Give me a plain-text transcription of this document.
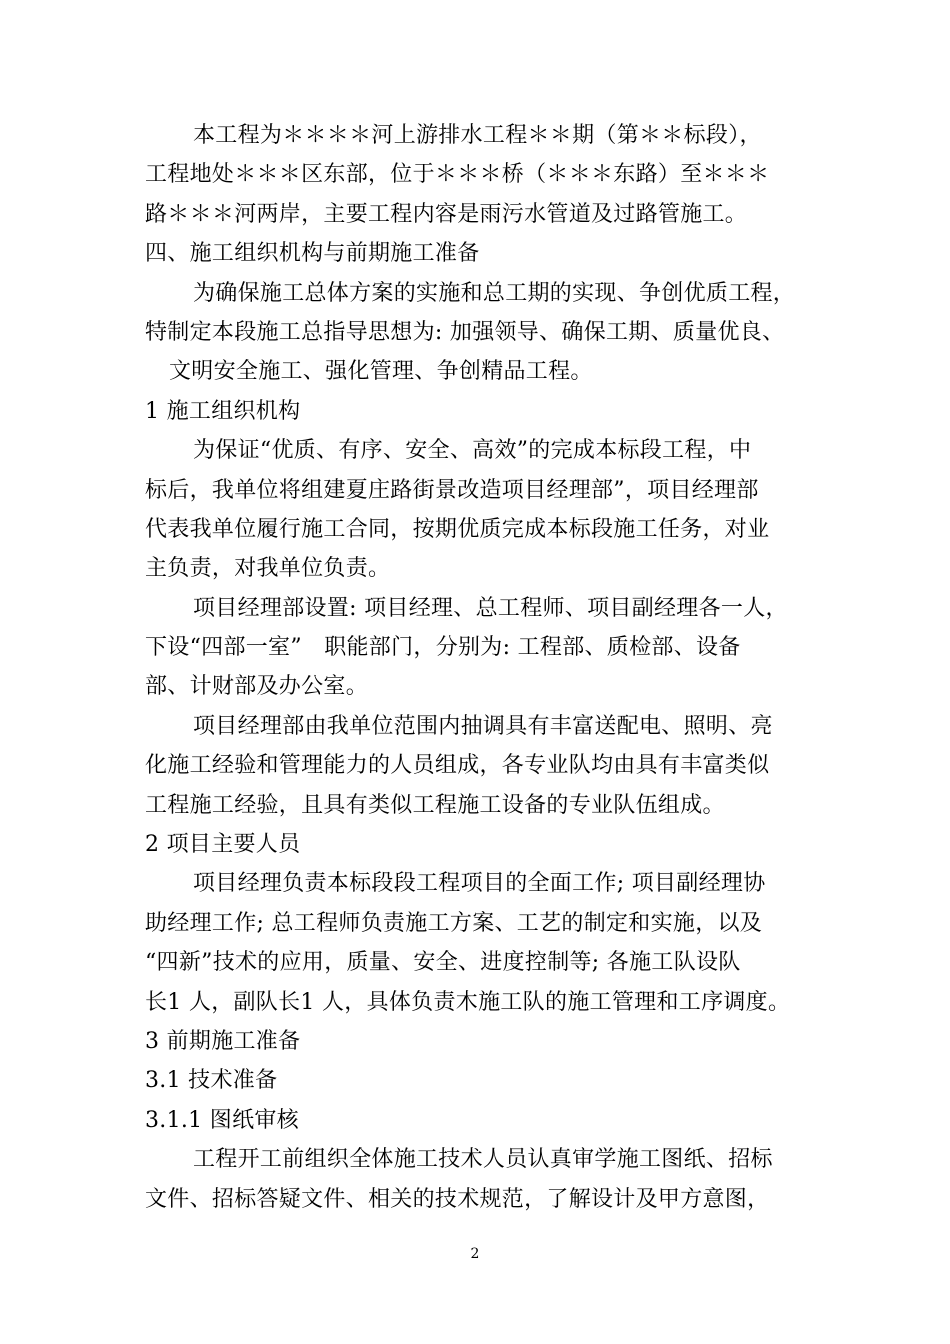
本工程为＊＊＊＊河上游排水工程＊＊期（第＊＊标段），
工程地处＊＊＊区东部，位于＊＊＊桥（＊＊＊东路）至＊＊＊
路＊＊＊河两岸，主要工程内容是雨污水管道及过路管施工。
四、施工组织机构与前期施工准备
为确保施工总体方案的实施和总工期的实现、争创优质工程，
特制定本段施工总指导思想为: 加强领导、确保工期、质量优良、
文明安全施工、强化管理、争创精品工程。
1 施工组织机构
为保证“优质、有序、安全、高效”的完成本标段工程，中
标后，我单位将组建夏庄路街景改造项目经理部”，项目经理部
代表我单位履行施工合同，按期优质完成本标段施工任务，对业
主负责，对我单位负责。
项目经理部设置: 项目经理、总工程师、项目副经理各一人，
下设“四部一室”　职能部门，分别为: 工程部、质检部、设备
部、计财部及办公室。
项目经理部由我单位范围内抽调具有丰富送配电、照明、亮
化施工经验和管理能力的人员组成，各专业队均由具有丰富类似
工程施工经验，且具有类似工程施工设备的专业队伍组成。
2 项目主要人员
项目经理负责本标段段工程项目的全面工作; 项目副经理协
助经理工作; 总工程师负责施工方案、工艺的制定和实施，以及
“四新”技术的应用，质量、安全、进度控制等; 各施工队设队
长1 人，副队长1 人，具体负责木施工队的施工管理和工序调度。
3 前期施工准备
3.1 技术准备
3.1.1 图纸审核
工程开工前组织全体施工技术人员认真审学施工图纸、招标
文件、招标答疑文件、相关的技术规范，了解设计及甲方意图，
2
